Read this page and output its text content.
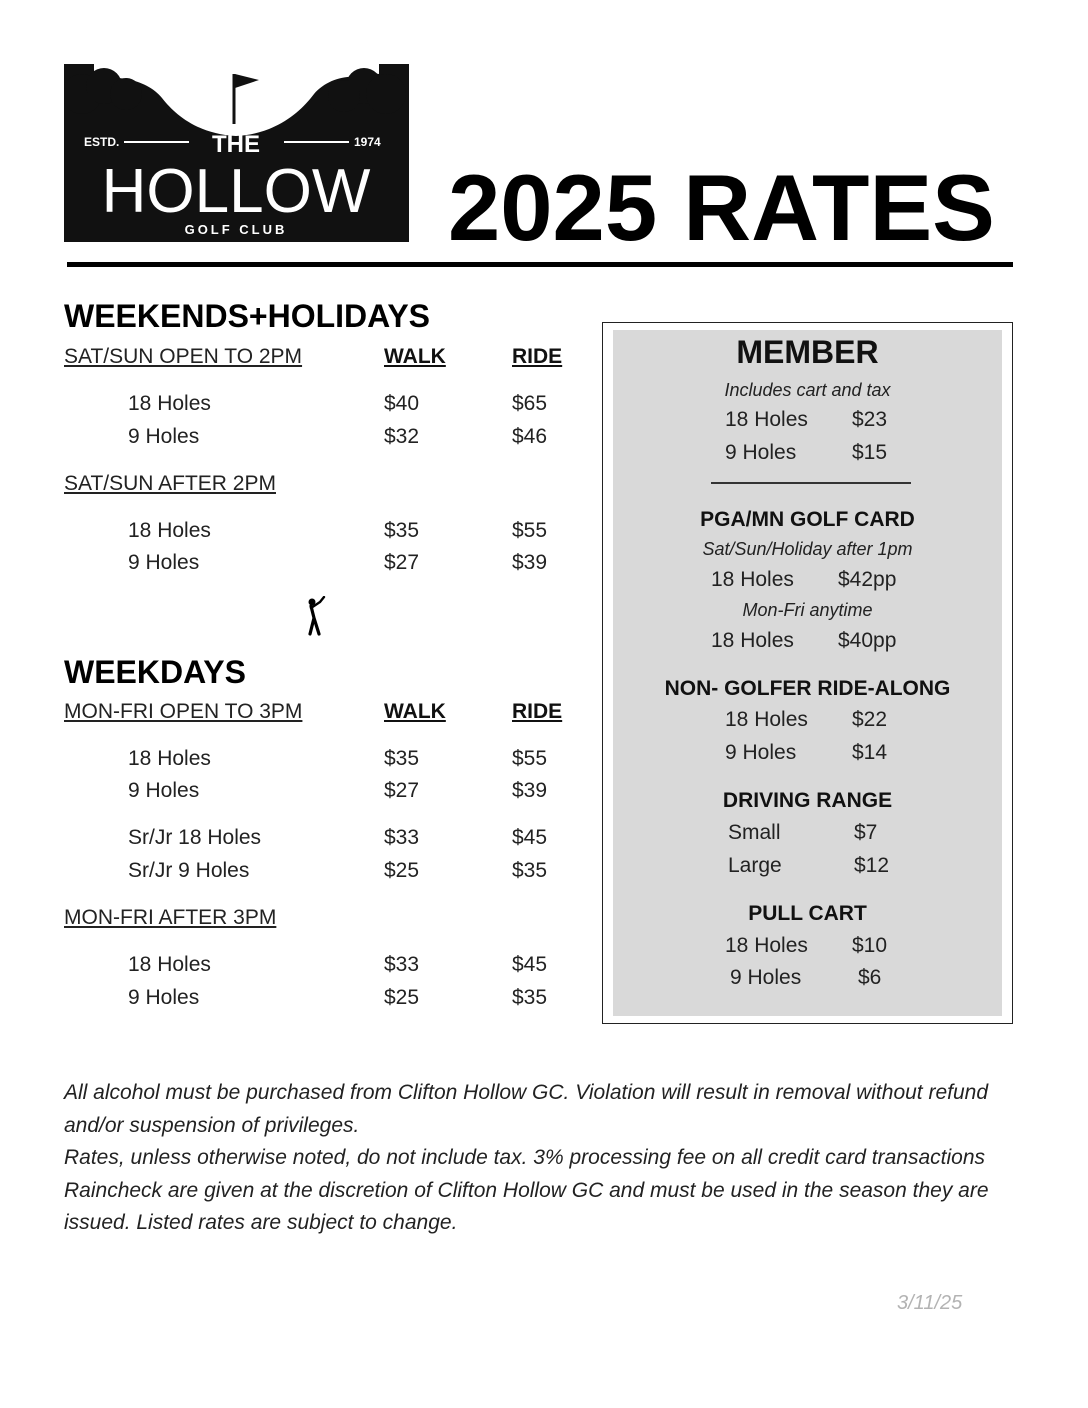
ESTD.	1974
THE
HOLLOW
GOLF CLUB 2025 RATES
WEEKENDS+HOLIDAYS
SAT/SUN OPEN TO 2PM	WALK	RIDE
18 Holes	$40	$65
9 Holes	$32	$46
SAT/SUN AFTER 2PM
18 Holes	$35	$55
9 Holes	$27	$39
WEEKDAYS
MON-FRI OPEN TO 3PM	WALK	RIDE
18 Holes	$35	$55
9 Holes	$27	$39
Sr/Jr 18 Holes	$33	$45
Sr/Jr 9 Holes	$25	$35
MON-FRI AFTER 3PM
18 Holes	$33	$45
9 Holes	$25	$35
MEMBER
Includes cart and tax
18 Holes $23
9 Holes	$15
PGA/MN GOLF CARD
Sat/Sun/Holiday after 1pm
18 Holes $42pp
Mon-Fri anytime
18 Holes $40pp
NON- GOLFER RIDE-ALONG
18 Holes $22
9 Holes	$14
DRIVING RANGE
Small	$7
Large	$12
PULL CART
18 Holes $10
9 Holes	$6

All alcohol must be purchased from Clifton Hollow GC. Violation will result in removal without refund and/or suspension of privileges.

Rates, unless otherwise noted, do not include tax. 3% processing fee on all credit card transactions

Raincheck are given at the discretion of Clifton Hollow GC and must be used in the season they are issued. Listed rates are subject to change.

3/11/25
